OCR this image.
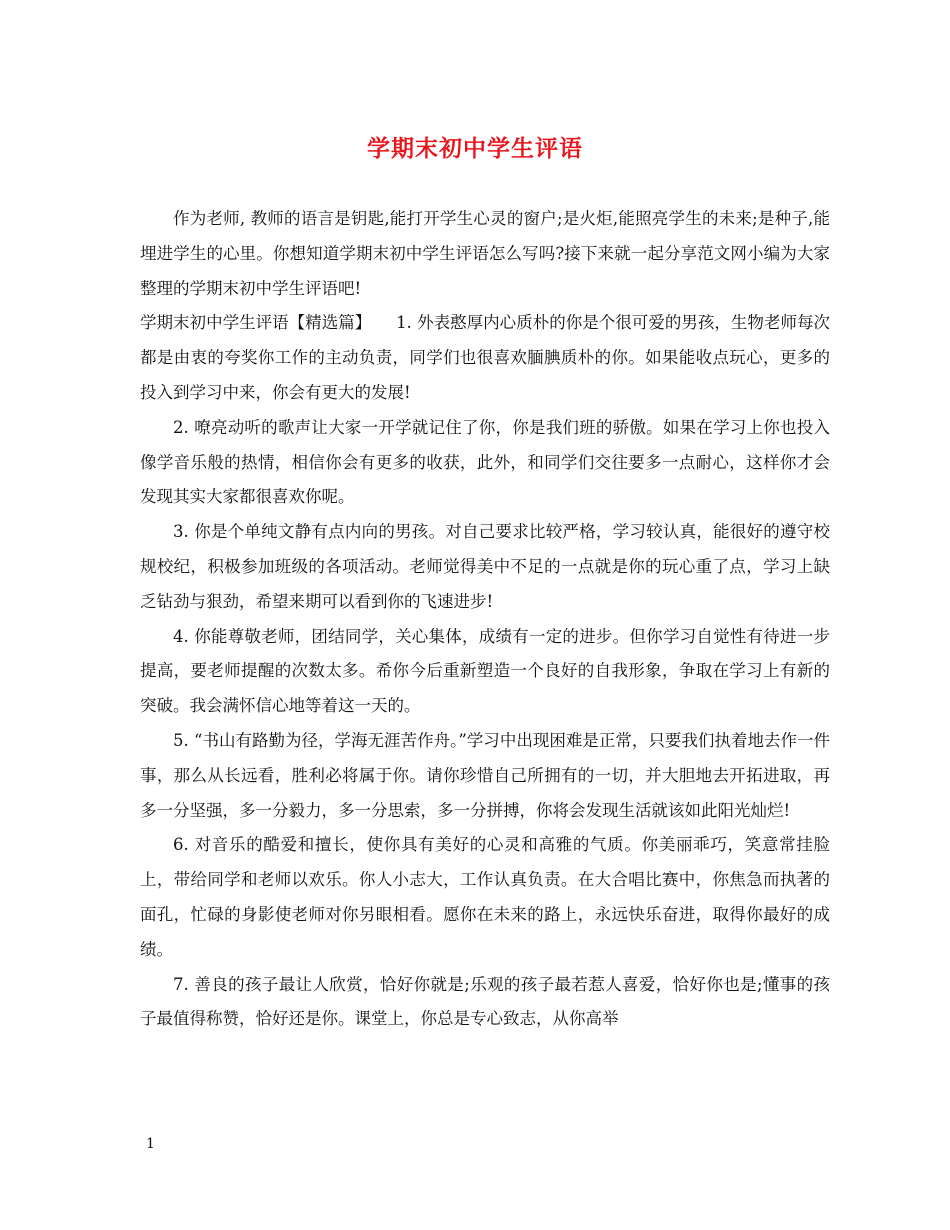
学期末初中学生评语

作为老师, 教师的语言是钥匙,能打开学生心灵的窗户;是火炬,能照亮学生的未来;是种子,能埋进学生的心里。你想知道学期末初中学生评语怎么写吗?接下来就一起分享范文网小编为大家整理的学期末初中学生评语吧!

学期末初中学生评语【精选篇】　　 1. 外表憨厚内心质朴的你是个很可爱的男孩，生物老师每次都是由衷的夸奖你工作的主动负责，同学们也很喜欢腼腆质朴的你。如果能收点玩心，更多的投入到学习中来，你会有更大的发展!

2. 嘹亮动听的歌声让大家一开学就记住了你，你是我们班的骄傲。如果在学习上你也投入像学音乐般的热情，相信你会有更多的收获，此外，和同学们交往要多一点耐心，这样你才会发现其实大家都很喜欢你呢。

3. 你是个单纯文静有点内向的男孩。对自己要求比较严格，学习较认真，能很好的遵守校规校纪，积极参加班级的各项活动。老师觉得美中不足的一点就是你的玩心重了点，学习上缺乏钻劲与狠劲，希望来期可以看到你的飞速进步!

4. 你能尊敬老师，团结同学，关心集体，成绩有一定的进步。但你学习自觉性有待进一步提高，要老师提醒的次数太多。希你今后重新塑造一个良好的自我形象，争取在学习上有新的突破。我会满怀信心地等着这一天的。

5. “书山有路勤为径，学海无涯苦作舟。”学习中出现困难是正常，只要我们执着地去作一件事，那么从长远看，胜利必将属于你。请你珍惜自己所拥有的一切，并大胆地去开拓进取，再多一分坚强，多一分毅力，多一分思索，多一分拼搏，你将会发现生活就该如此阳光灿烂!

6. 对音乐的酷爱和擅长，使你具有美好的心灵和高雅的气质。你美丽乖巧，笑意常挂脸上，带给同学和老师以欢乐。你人小志大，工作认真负责。在大合唱比赛中，你焦急而执著的面孔，忙碌的身影使老师对你另眼相看。愿你在未来的路上，永远快乐奋进，取得你最好的成绩。

7. 善良的孩子最让人欣赏，恰好你就是;乐观的孩子最若惹人喜爱，恰好你也是;懂事的孩子最值得称赞，恰好还是你。课堂上，你总是专心致志，从你高举

1
